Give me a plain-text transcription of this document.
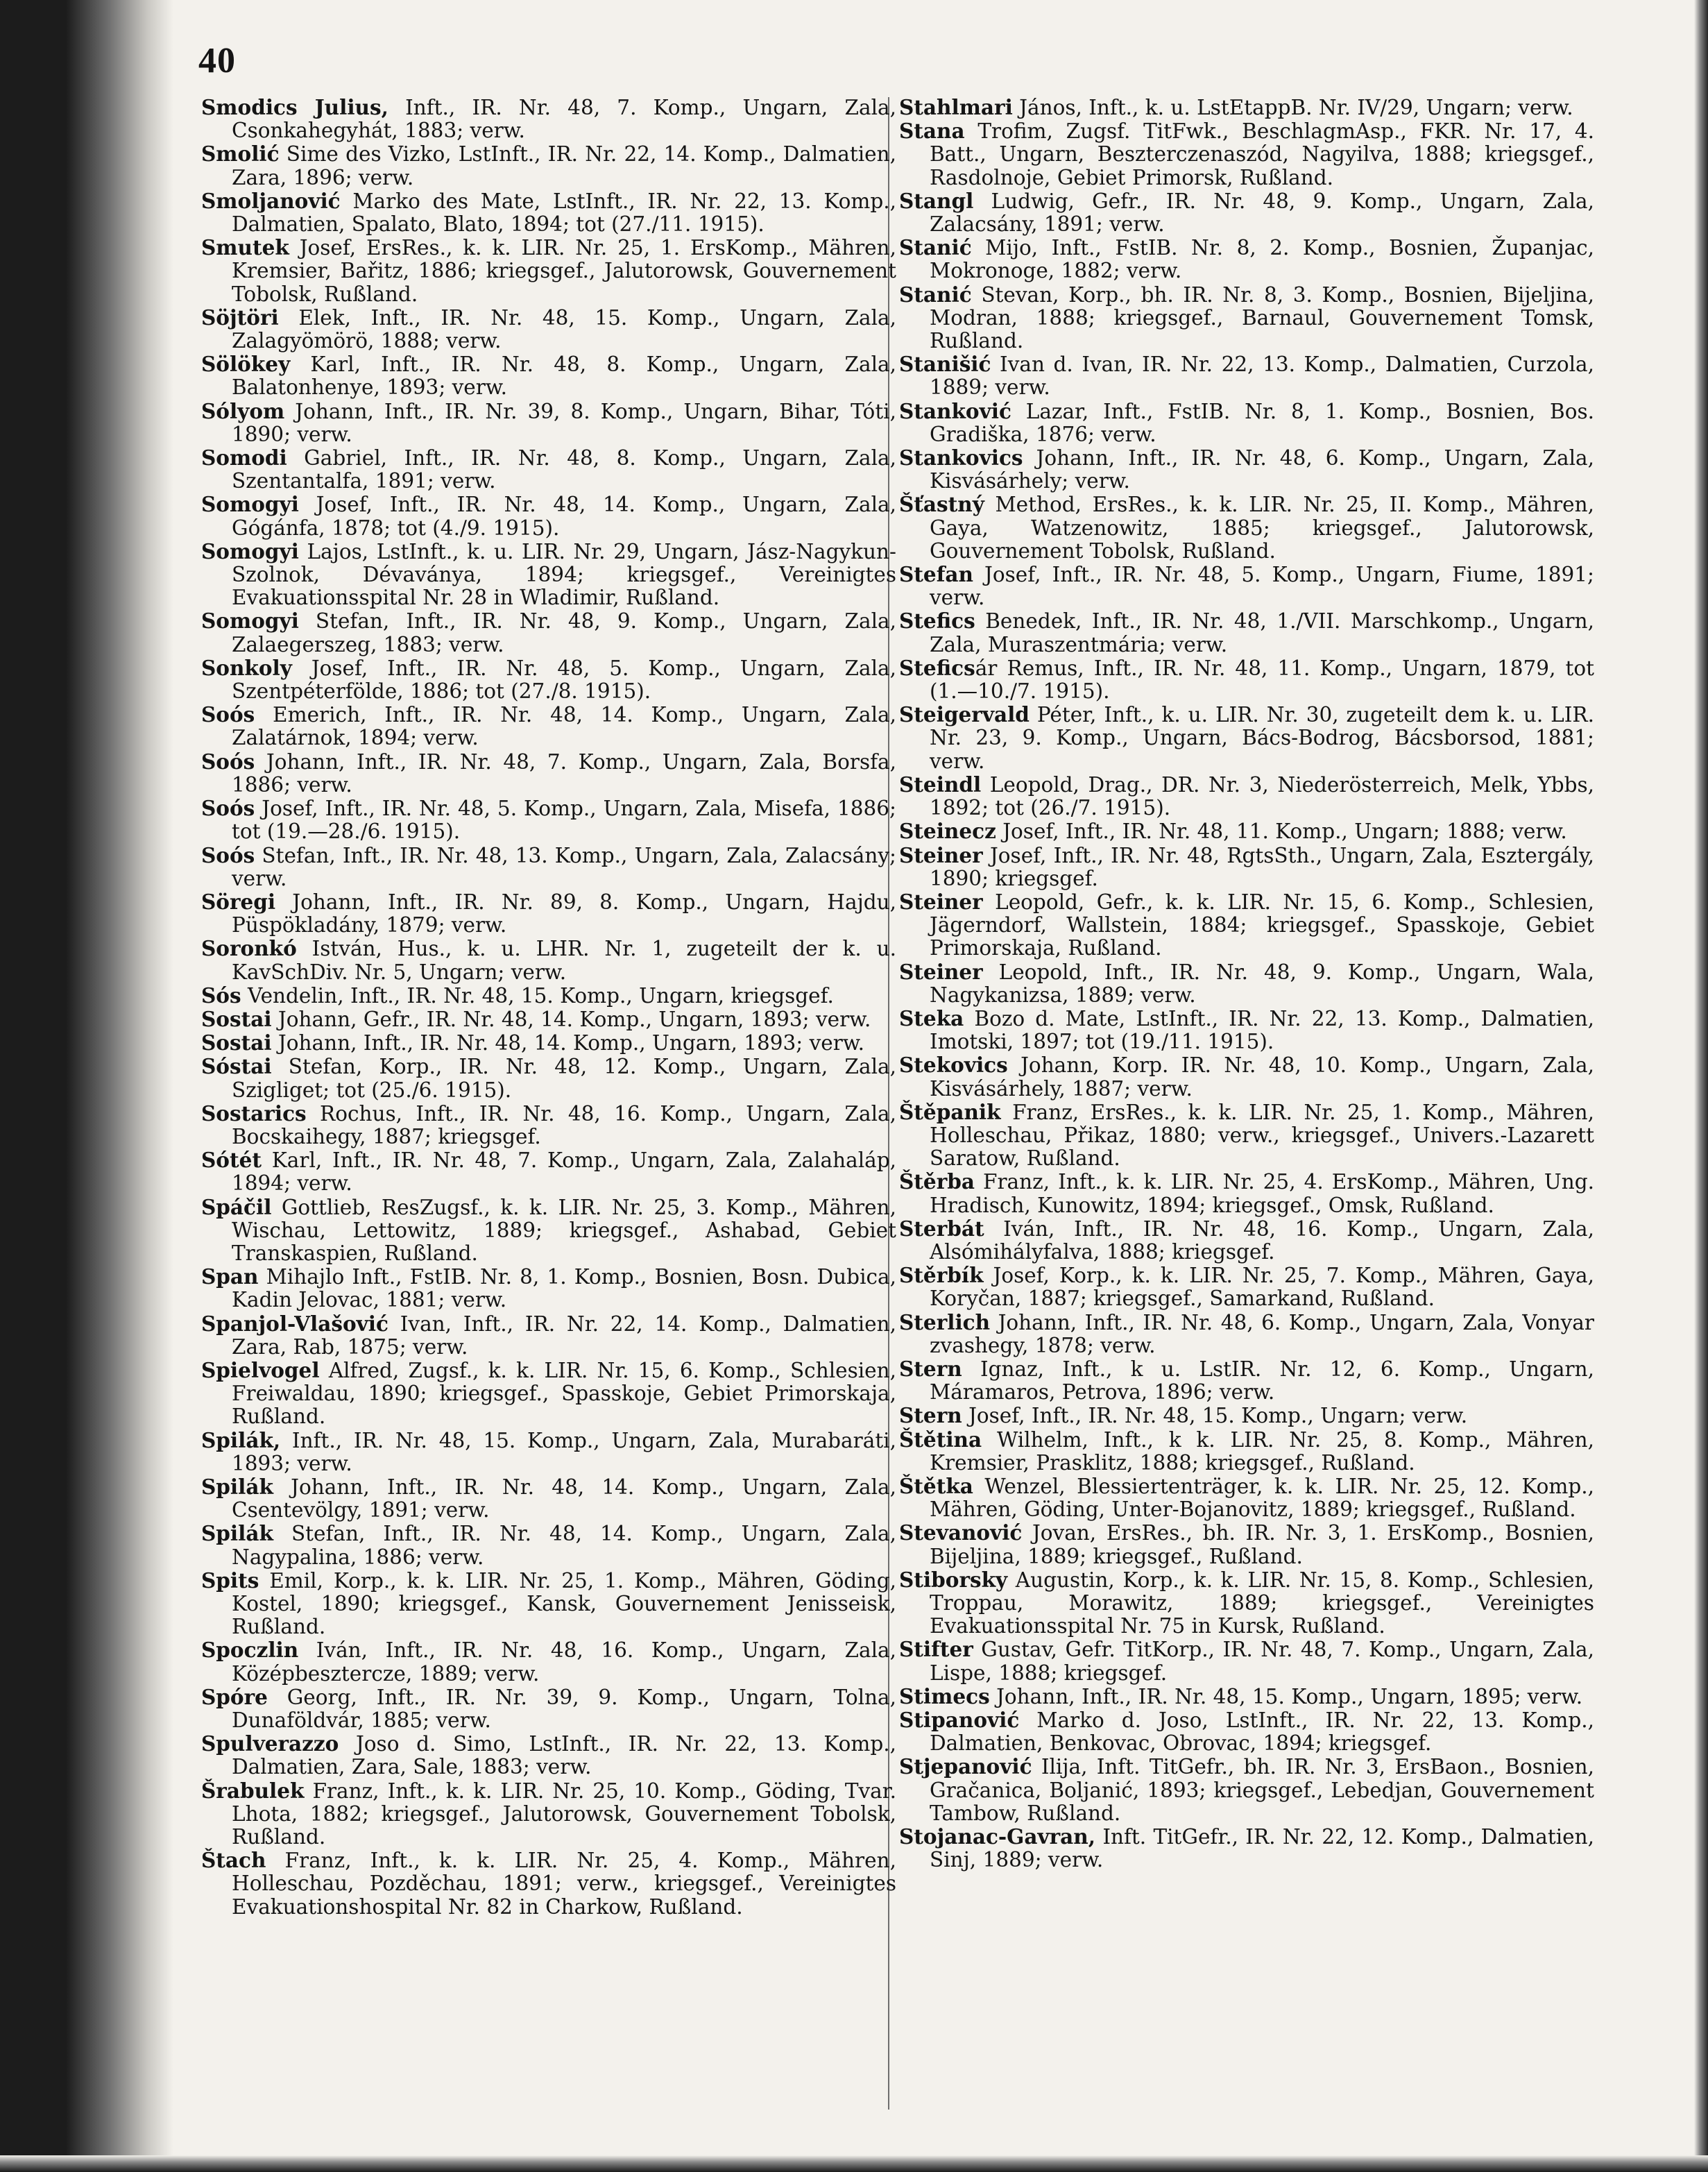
40
Smodics Julius, Inft., IR. Nr. 48, 7. Komp., Ungarn, Zala, Csonkahegyhát, 1883; verw.
Smolić Sime des Vizko, LstInft., IR. Nr. 22, 14. Komp., Dalmatien, Zara, 1896; verw.
Smoljanović Marko des Mate, LstInft., IR. Nr. 22, 13. Komp., Dalmatien, Spalato, Blato, 1894; tot (27./11. 1915).
Smutek Josef, ErsRes., k. k. LIR. Nr. 25, 1. ErsKomp., Mähren, Kremsier, Bařitz, 1886; kriegsgef., Jalutorowsk, Gouvernement Tobolsk, Rußland.
Söjtöri Elek, Inft., IR. Nr. 48, 15. Komp., Ungarn, Zala, Zalagyömörö, 1888; verw.
Sölökey Karl, Inft., IR. Nr. 48, 8. Komp., Ungarn, Zala, Balatonhenye, 1893; verw.
Sólyom Johann, Inft., IR. Nr. 39, 8. Komp., Ungarn, Bihar, Tóti, 1890; verw.
Somodi Gabriel, Inft., IR. Nr. 48, 8. Komp., Ungarn, Zala, Szentantalfa, 1891; verw.
Somogyi Josef, Inft., IR. Nr. 48, 14. Komp., Ungarn, Zala, Gógánfa, 1878; tot (4./9. 1915).
Somogyi Lajos, LstInft., k. u. LIR. Nr. 29, Ungarn, Jász-Nagykun-Szolnok, Dévaványa, 1894; kriegsgef., Vereinigtes Evakuationsspital Nr. 28 in Wladimir, Rußland.
Somogyi Stefan, Inft., IR. Nr. 48, 9. Komp., Ungarn, Zala, Zalaegerszeg, 1883; verw.
Sonkoly Josef, Inft., IR. Nr. 48, 5. Komp., Ungarn, Zala, Szentpéterfölde, 1886; tot (27./8. 1915).
Soós Emerich, Inft., IR. Nr. 48, 14. Komp., Ungarn, Zala, Zalatárnok, 1894; verw.
Soós Johann, Inft., IR. Nr. 48, 7. Komp., Ungarn, Zala, Borsfa, 1886; verw.
Soós Josef, Inft., IR. Nr. 48, 5. Komp., Ungarn, Zala, Misefa, 1886; tot (19.—28./6. 1915).
Soós Stefan, Inft., IR. Nr. 48, 13. Komp., Ungarn, Zala, Zalacsány; verw.
Söregi Johann, Inft., IR. Nr. 89, 8. Komp., Ungarn, Hajdu, Püspökladány, 1879; verw.
Soronkó István, Hus., k. u. LHR. Nr. 1, zugeteilt der k. u. KavSchDiv. Nr. 5, Ungarn; verw.
Sós Vendelin, Inft., IR. Nr. 48, 15. Komp., Ungarn, kriegsgef.
Sostai Johann, Gefr., IR. Nr. 48, 14. Komp., Ungarn, 1893; verw.
Sostai Johann, Inft., IR. Nr. 48, 14. Komp., Ungarn, 1893; verw.
Sóstai Stefan, Korp., IR. Nr. 48, 12. Komp., Ungarn, Zala, Szigliget; tot (25./6. 1915).
Sostarics Rochus, Inft., IR. Nr. 48, 16. Komp., Ungarn, Zala, Bocskaihegy, 1887; kriegsgef.
Sótét Karl, Inft., IR. Nr. 48, 7. Komp., Ungarn, Zala, Zalahaláp, 1894; verw.
Spáčil Gottlieb, ResZugsf., k. k. LIR. Nr. 25, 3. Komp., Mähren, Wischau, Lettowitz, 1889; kriegsgef., Ashabad, Gebiet Transkaspien, Rußland.
Span Mihajlo Inft., FstIB. Nr. 8, 1. Komp., Bosnien, Bosn. Dubica, Kadin Jelovac, 1881; verw.
Spanjol-Vlašović Ivan, Inft., IR. Nr. 22, 14. Komp., Dalmatien, Zara, Rab, 1875; verw.
Spielvogel Alfred, Zugsf., k. k. LIR. Nr. 15, 6. Komp., Schlesien, Freiwaldau, 1890; kriegsgef., Spasskoje, Gebiet Primorskaja, Rußland.
Spilák, Inft., IR. Nr. 48, 15. Komp., Ungarn, Zala, Murabaráti, 1893; verw.
Spilák Johann, Inft., IR. Nr. 48, 14. Komp., Ungarn, Zala, Csentevölgy, 1891; verw.
Spilák Stefan, Inft., IR. Nr. 48, 14. Komp., Ungarn, Zala, Nagypalina, 1886; verw.
Spits Emil, Korp., k. k. LIR. Nr. 25, 1. Komp., Mähren, Göding, Kostel, 1890; kriegsgef., Kansk, Gouvernement Jenisseisk, Rußland.
Spoczlin Iván, Inft., IR. Nr. 48, 16. Komp., Ungarn, Zala, Középbesztercze, 1889; verw.
Spóre Georg, Inft., IR. Nr. 39, 9. Komp., Ungarn, Tolna, Dunaföldvár, 1885; verw.
Spulverazzo Joso d. Simo, LstInft., IR. Nr. 22, 13. Komp., Dalmatien, Zara, Sale, 1883; verw.
Šrabulek Franz, Inft., k. k. LIR. Nr. 25, 10. Komp., Göding, Tvar. Lhota, 1882; kriegsgef., Jalutorowsk, Gouvernement Tobolsk, Rußland.
Štach Franz, Inft., k. k. LIR. Nr. 25, 4. Komp., Mähren, Holleschau, Pozděchau, 1891; verw., kriegsgef., Vereinigtes Evakuationshospital Nr. 82 in Charkow, Rußland.
Stahlmari János, Inft., k. u. LstEtappB. Nr. IV/29, Ungarn; verw.
Stana Trofim, Zugsf. TitFwk., BeschlagmAsp., FKR. Nr. 17, 4. Batt., Ungarn, Beszterczenaszód, Nagyilva, 1888; kriegsgef., Rasdolnoje, Gebiet Primorsk, Rußland.
Stangl Ludwig, Gefr., IR. Nr. 48, 9. Komp., Ungarn, Zala, Zalacsány, 1891; verw.
Stanić Mijo, Inft., FstIB. Nr. 8, 2. Komp., Bosnien, Županjac, Mokronoge, 1882; verw.
Stanić Stevan, Korp., bh. IR. Nr. 8, 3. Komp., Bosnien, Bijeljina, Modran, 1888; kriegsgef., Barnaul, Gouvernement Tomsk, Rußland.
Stanišić Ivan d. Ivan, IR. Nr. 22, 13. Komp., Dalmatien, Curzola, 1889; verw.
Stanković Lazar, Inft., FstIB. Nr. 8, 1. Komp., Bosnien, Bos. Gradiška, 1876; verw.
Stankovics Johann, Inft., IR. Nr. 48, 6. Komp., Ungarn, Zala, Kisvásárhely; verw.
Šťastný Method, ErsRes., k. k. LIR. Nr. 25, II. Komp., Mähren, Gaya, Watzenowitz, 1885; kriegsgef., Jalutorowsk, Gouvernement Tobolsk, Rußland.
Stefan Josef, Inft., IR. Nr. 48, 5. Komp., Ungarn, Fiume, 1891; verw.
Stefics Benedek, Inft., IR. Nr. 48, 1./VII. Marschkomp., Ungarn, Zala, Muraszentmária; verw.
Steficsár Remus, Inft., IR. Nr. 48, 11. Komp., Ungarn, 1879, tot (1.—10./7. 1915).
Steigervald Péter, Inft., k. u. LIR. Nr. 30, zugeteilt dem k. u. LIR. Nr. 23, 9. Komp., Ungarn, Bács-Bodrog, Bácsborsod, 1881; verw.
Steindl Leopold, Drag., DR. Nr. 3, Niederösterreich, Melk, Ybbs, 1892; tot (26./7. 1915).
Steinecz Josef, Inft., IR. Nr. 48, 11. Komp., Ungarn; 1888; verw.
Steiner Josef, Inft., IR. Nr. 48, RgtsSth., Ungarn, Zala, Esztergály, 1890; kriegsgef.
Steiner Leopold, Gefr., k. k. LIR. Nr. 15, 6. Komp., Schlesien, Jägerndorf, Wallstein, 1884; kriegsgef., Spasskoje, Gebiet Primorskaja, Rußland.
Steiner Leopold, Inft., IR. Nr. 48, 9. Komp., Ungarn, Wala, Nagykanizsa, 1889; verw.
Steka Bozo d. Mate, LstInft., IR. Nr. 22, 13. Komp., Dalmatien, Imotski, 1897; tot (19./11. 1915).
Stekovics Johann, Korp. IR. Nr. 48, 10. Komp., Ungarn, Zala, Kisvásárhely, 1887; verw.
Štěpanik Franz, ErsRes., k. k. LIR. Nr. 25, 1. Komp., Mähren, Holleschau, Přikaz, 1880; verw., kriegsgef., Univers.-Lazarett Saratow, Rußland.
Štěrba Franz, Inft., k. k. LIR. Nr. 25, 4. ErsKomp., Mähren, Ung. Hradisch, Kunowitz, 1894; kriegsgef., Omsk, Rußland.
Sterbát Iván, Inft., IR. Nr. 48, 16. Komp., Ungarn, Zala, Alsómihályfalva, 1888; kriegsgef.
Stěrbík Josef, Korp., k. k. LIR. Nr. 25, 7. Komp., Mähren, Gaya, Koryčan, 1887; kriegsgef., Samarkand, Rußland.
Sterlich Johann, Inft., IR. Nr. 48, 6. Komp., Ungarn, Zala, Vonyar zvashegy, 1878; verw.
Stern Ignaz, Inft., k u. LstIR. Nr. 12, 6. Komp., Ungarn, Máramaros, Petrova, 1896; verw.
Stern Josef, Inft., IR. Nr. 48, 15. Komp., Ungarn; verw.
Štětina Wilhelm, Inft., k k. LIR. Nr. 25, 8. Komp., Mähren, Kremsier, Prasklitz, 1888; kriegsgef., Rußland.
Štětka Wenzel, Blessiertenträger, k. k. LIR. Nr. 25, 12. Komp., Mähren, Göding, Unter-Bojanovitz, 1889; kriegsgef., Rußland.
Stevanović Jovan, ErsRes., bh. IR. Nr. 3, 1. ErsKomp., Bosnien, Bijeljina, 1889; kriegsgef., Rußland.
Stiborsky Augustin, Korp., k. k. LIR. Nr. 15, 8. Komp., Schlesien, Troppau, Morawitz, 1889; kriegsgef., Vereinigtes Evakuationsspital Nr. 75 in Kursk, Rußland.
Stifter Gustav, Gefr. TitKorp., IR. Nr. 48, 7. Komp., Ungarn, Zala, Lispe, 1888; kriegsgef.
Stimecs Johann, Inft., IR. Nr. 48, 15. Komp., Ungarn, 1895; verw.
Stipanović Marko d. Joso, LstInft., IR. Nr. 22, 13. Komp., Dalmatien, Benkovac, Obrovac, 1894; kriegsgef.
Stjepanović Ilija, Inft. TitGefr., bh. IR. Nr. 3, ErsBaon., Bosnien, Gračanica, Boljanić, 1893; kriegsgef., Lebedjan, Gouvernement Tambow, Rußland.
Stojanac-Gavran, Inft. TitGefr., IR. Nr. 22, 12. Komp., Dalmatien, Sinj, 1889; verw.
